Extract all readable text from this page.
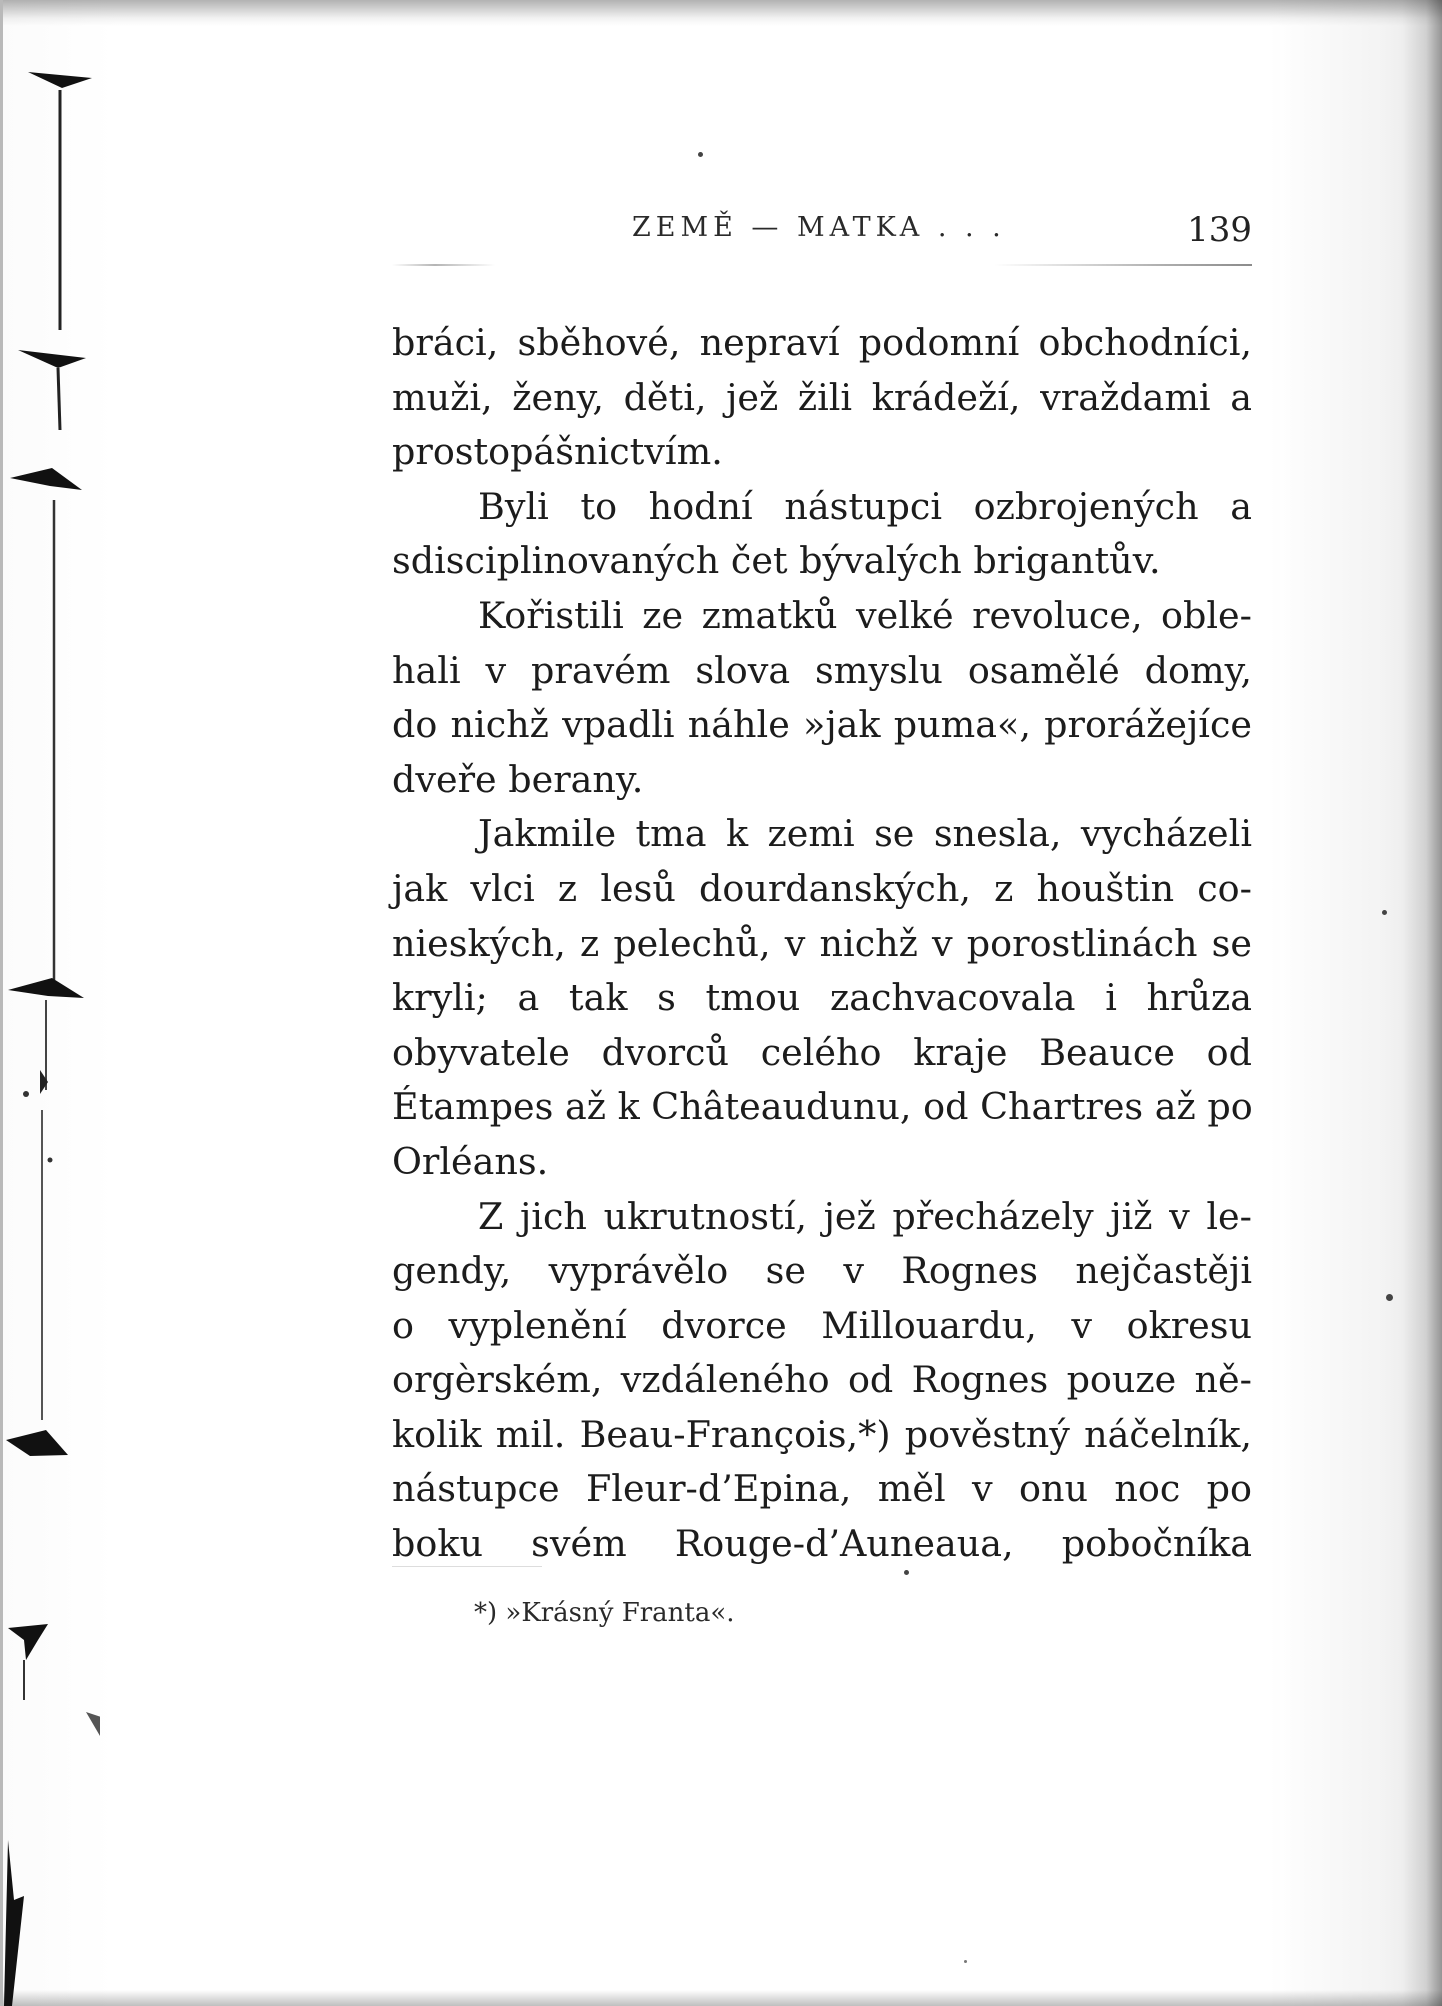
ZEMĚ — MATKA . . .	139
bráci, sběhové, nepraví podomní obchodníci,
muži, ženy, děti, jež žili krádeží, vraždami a
prostopášnictvím.
Byli to hodní nástupci ozbrojených a
sdisciplinovaných čet bývalých brigantův.
Kořistili ze zmatků velké revoluce, oble-
hali v pravém slova smyslu osamělé domy,
do nichž vpadli náhle »jak puma«, prorážejíce
dveře berany.
Jakmile tma k zemi se snesla, vycházeli
jak vlci z lesů dourdanských, z houštin co-
nieských, z pelechů, v nichž v porostlinách se
kryli; a tak s tmou zachvacovala i hrůza
obyvatele dvorců celého kraje Beauce od
Étampes až k Châteaudunu, od Chartres až po
Orléans.
Z jich ukrutností, jež přecházely již v le-
gendy, vyprávělo se v Rognes nejčastěji
o vyplenění dvorce Millouardu, v okresu
orgèrském, vzdáleného od Rognes pouze ně-
kolik mil. Beau-François,*) pověstný náčelník,
nástupce Fleur-d’Epina, měl v onu noc po
boku svém Rouge-d’Auneaua, pobočníka
*) »Krásný Franta«.
